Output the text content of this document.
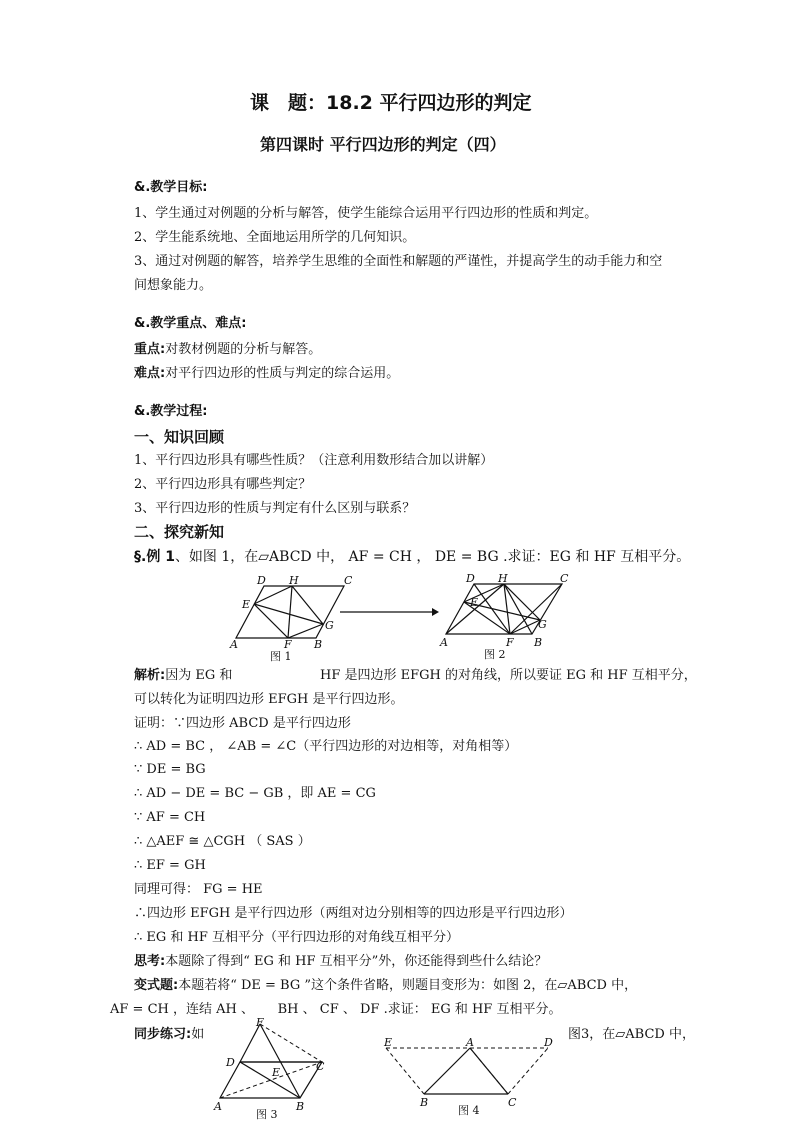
课　题：18.2 平行四边形的判定
第四课时 平行四边形的判定（四）
&.教学目标:
1、学生通过对例题的分析与解答，使学生能综合运用平行四边形的性质和判定。
2、学生能系统地、全面地运用所学的几何知识。
3、通过对例题的解答，培养学生思维的全面性和解题的严谨性，并提高学生的动手能力和空
间想象能力。
&.教学重点、难点:
重点:对教材例题的分析与解答。
难点:对平行四边形的性质与判定的综合运用。
&.教学过程:
一、知识回顾
1、平行四边形具有哪些性质？（注意利用数形结合加以讲解）
2、平行四边形具有哪些判定？
3、平行四边形的性质与判定有什么区别与联系？
二、探究新知
§.例 1、如图 1，在▱ABCD 中， AF = CH ， DE = BG .求证：EG 和 HF 互相平分。
D H	C
E
G
A	F B
图 1
D H	C
E
G
A	F B
图 2
解析:因为 EG 和	HF 是四边形 EFGH 的对角线，所以要证 EG 和 HF 互相平分，
可以转化为证明四边形 EFGH 是平行四边形。
证明：∵四边形 ABCD 是平行四边形
∴ AD = BC ， ∠AB = ∠C（平行四边形的对边相等，对角相等）
∵ DE = BG
∴ AD − DE = BC − GB ，即 AE = CG
∵ AF = CH
∴ △AEF ≅ △CGH （ SAS ）
∴ EF = GH
同理可得： FG = HE
∴四边形 EFGH 是平行四边形（两组对边分别相等的四边形是平行四边形）
∴ EG 和 HF 互相平分（平行四边形的对角线互相平分）
思考:本题除了得到“ EG 和 HF 互相平分”外，你还能得到些什么结论？
变式题:本题若将“ DE = BG ”这个条件省略，则题目变形为：如图 2，在▱ABCD 中，
AF = CH ，连结 AH 、　　 BH 、 CF 、 DF .求证： EG 和 HF 互相平分。
同步练习:如	图3，在▱ABCD 中，
F
D	C
E
A	B
图 3
E	A	D
B	C
图 4
